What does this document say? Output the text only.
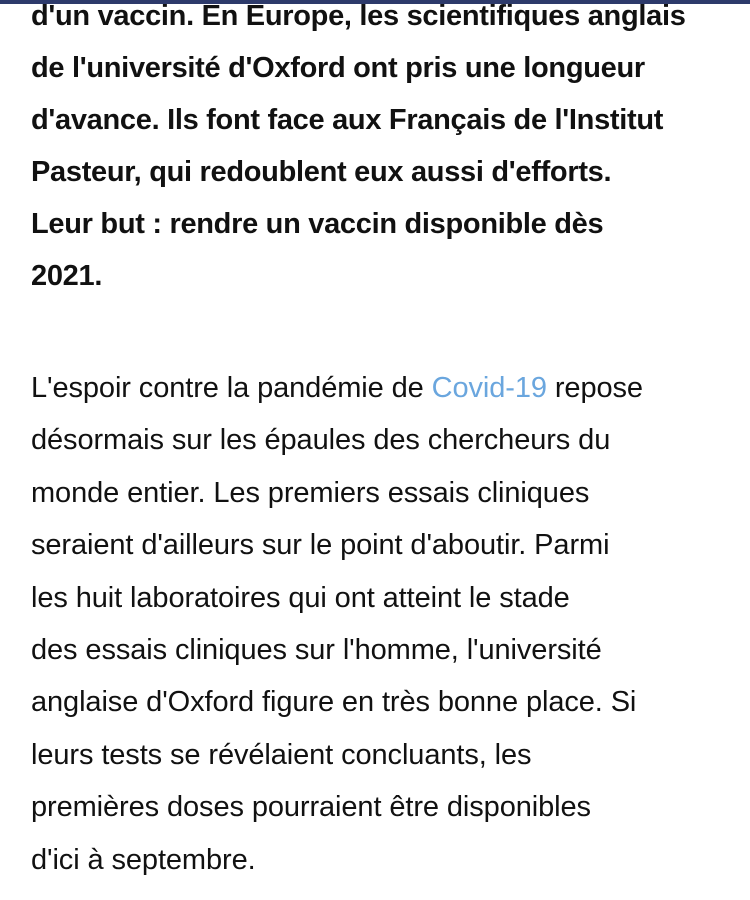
d'un vaccin. En Europe, les scientifiques anglais
de l'université d'Oxford ont pris une longueur
d'avance. Ils font face aux Français de l'Institut
Pasteur, qui redoublent eux aussi d'efforts.
Leur but : rendre un vaccin disponible dès
2021.

L'espoir contre la pandémie de Covid-19 repose
désormais sur les épaules des chercheurs du
monde entier. Les premiers essais cliniques
seraient d'ailleurs sur le point d'aboutir. Parmi
les huit laboratoires qui ont atteint le stade
des essais cliniques sur l'homme, l'université
anglaise d'Oxford figure en très bonne place. Si
leurs tests se révélaient concluants, les
premières doses pourraient être disponibles
d'ici à septembre.
